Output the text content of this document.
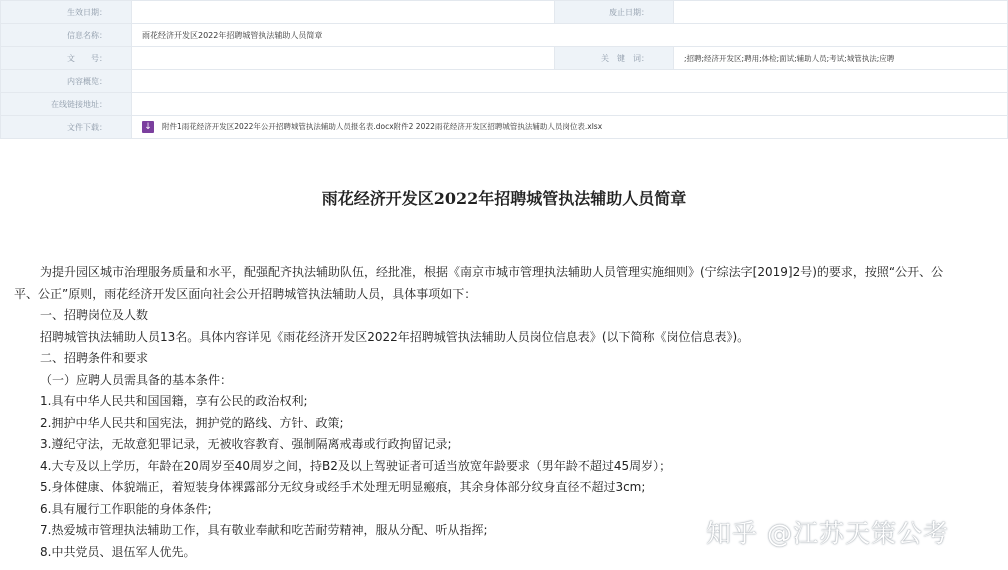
生效日期：		废止日期：	
信息名称：	雨花经济开发区2022年招聘城管执法辅助人员简章		
文　　号：		关　键　词：	;招聘;经济开发区;聘用;体检;面试;辅助人员;考试;城管执法;应聘
内容概览：			
在线链接地址：			
文件下载：	↓ 附件1雨花经济开发区2022年公开招聘城管执法辅助人员报名表.docx附件2 2022雨花经济开发区招聘城管执法辅助人员岗位表.xlsx		
雨花经济开发区2022年招聘城管执法辅助人员简章

为提升园区城市治理服务质量和水平，配强配齐执法辅助队伍，经批准，根据《南京市城市管理执法辅助人员管理实施细则》(宁综法字[2019]2号)的要求，按照“公开、公

平、公正”原则，雨花经济开发区面向社会公开招聘城管执法辅助人员，具体事项如下：

一、招聘岗位及人数

招聘城管执法辅助人员13名。具体内容详见《雨花经济开发区2022年招聘城管执法辅助人员岗位信息表》(以下简称《岗位信息表》)。

二、招聘条件和要求

（一）应聘人员需具备的基本条件：

1.具有中华人民共和国国籍，享有公民的政治权利;

2.拥护中华人民共和国宪法，拥护党的路线、方针、政策;

3.遵纪守法，无故意犯罪记录，无被收容教育、强制隔离戒毒或行政拘留记录;

4.大专及以上学历，年龄在20周岁至40周岁之间，持B2及以上驾驶证者可适当放宽年龄要求（男年龄不超过45周岁）；

5.身体健康、体貌端正，着短装身体裸露部分无纹身或经手术处理无明显瘢痕，其余身体部分纹身直径不超过3cm;

6.具有履行工作职能的身体条件;

7.热爱城市管理执法辅助工作，具有敬业奉献和吃苦耐劳精神，服从分配、听从指挥;

8.中共党员、退伍军人优先。

知乎 @江苏天策公考
